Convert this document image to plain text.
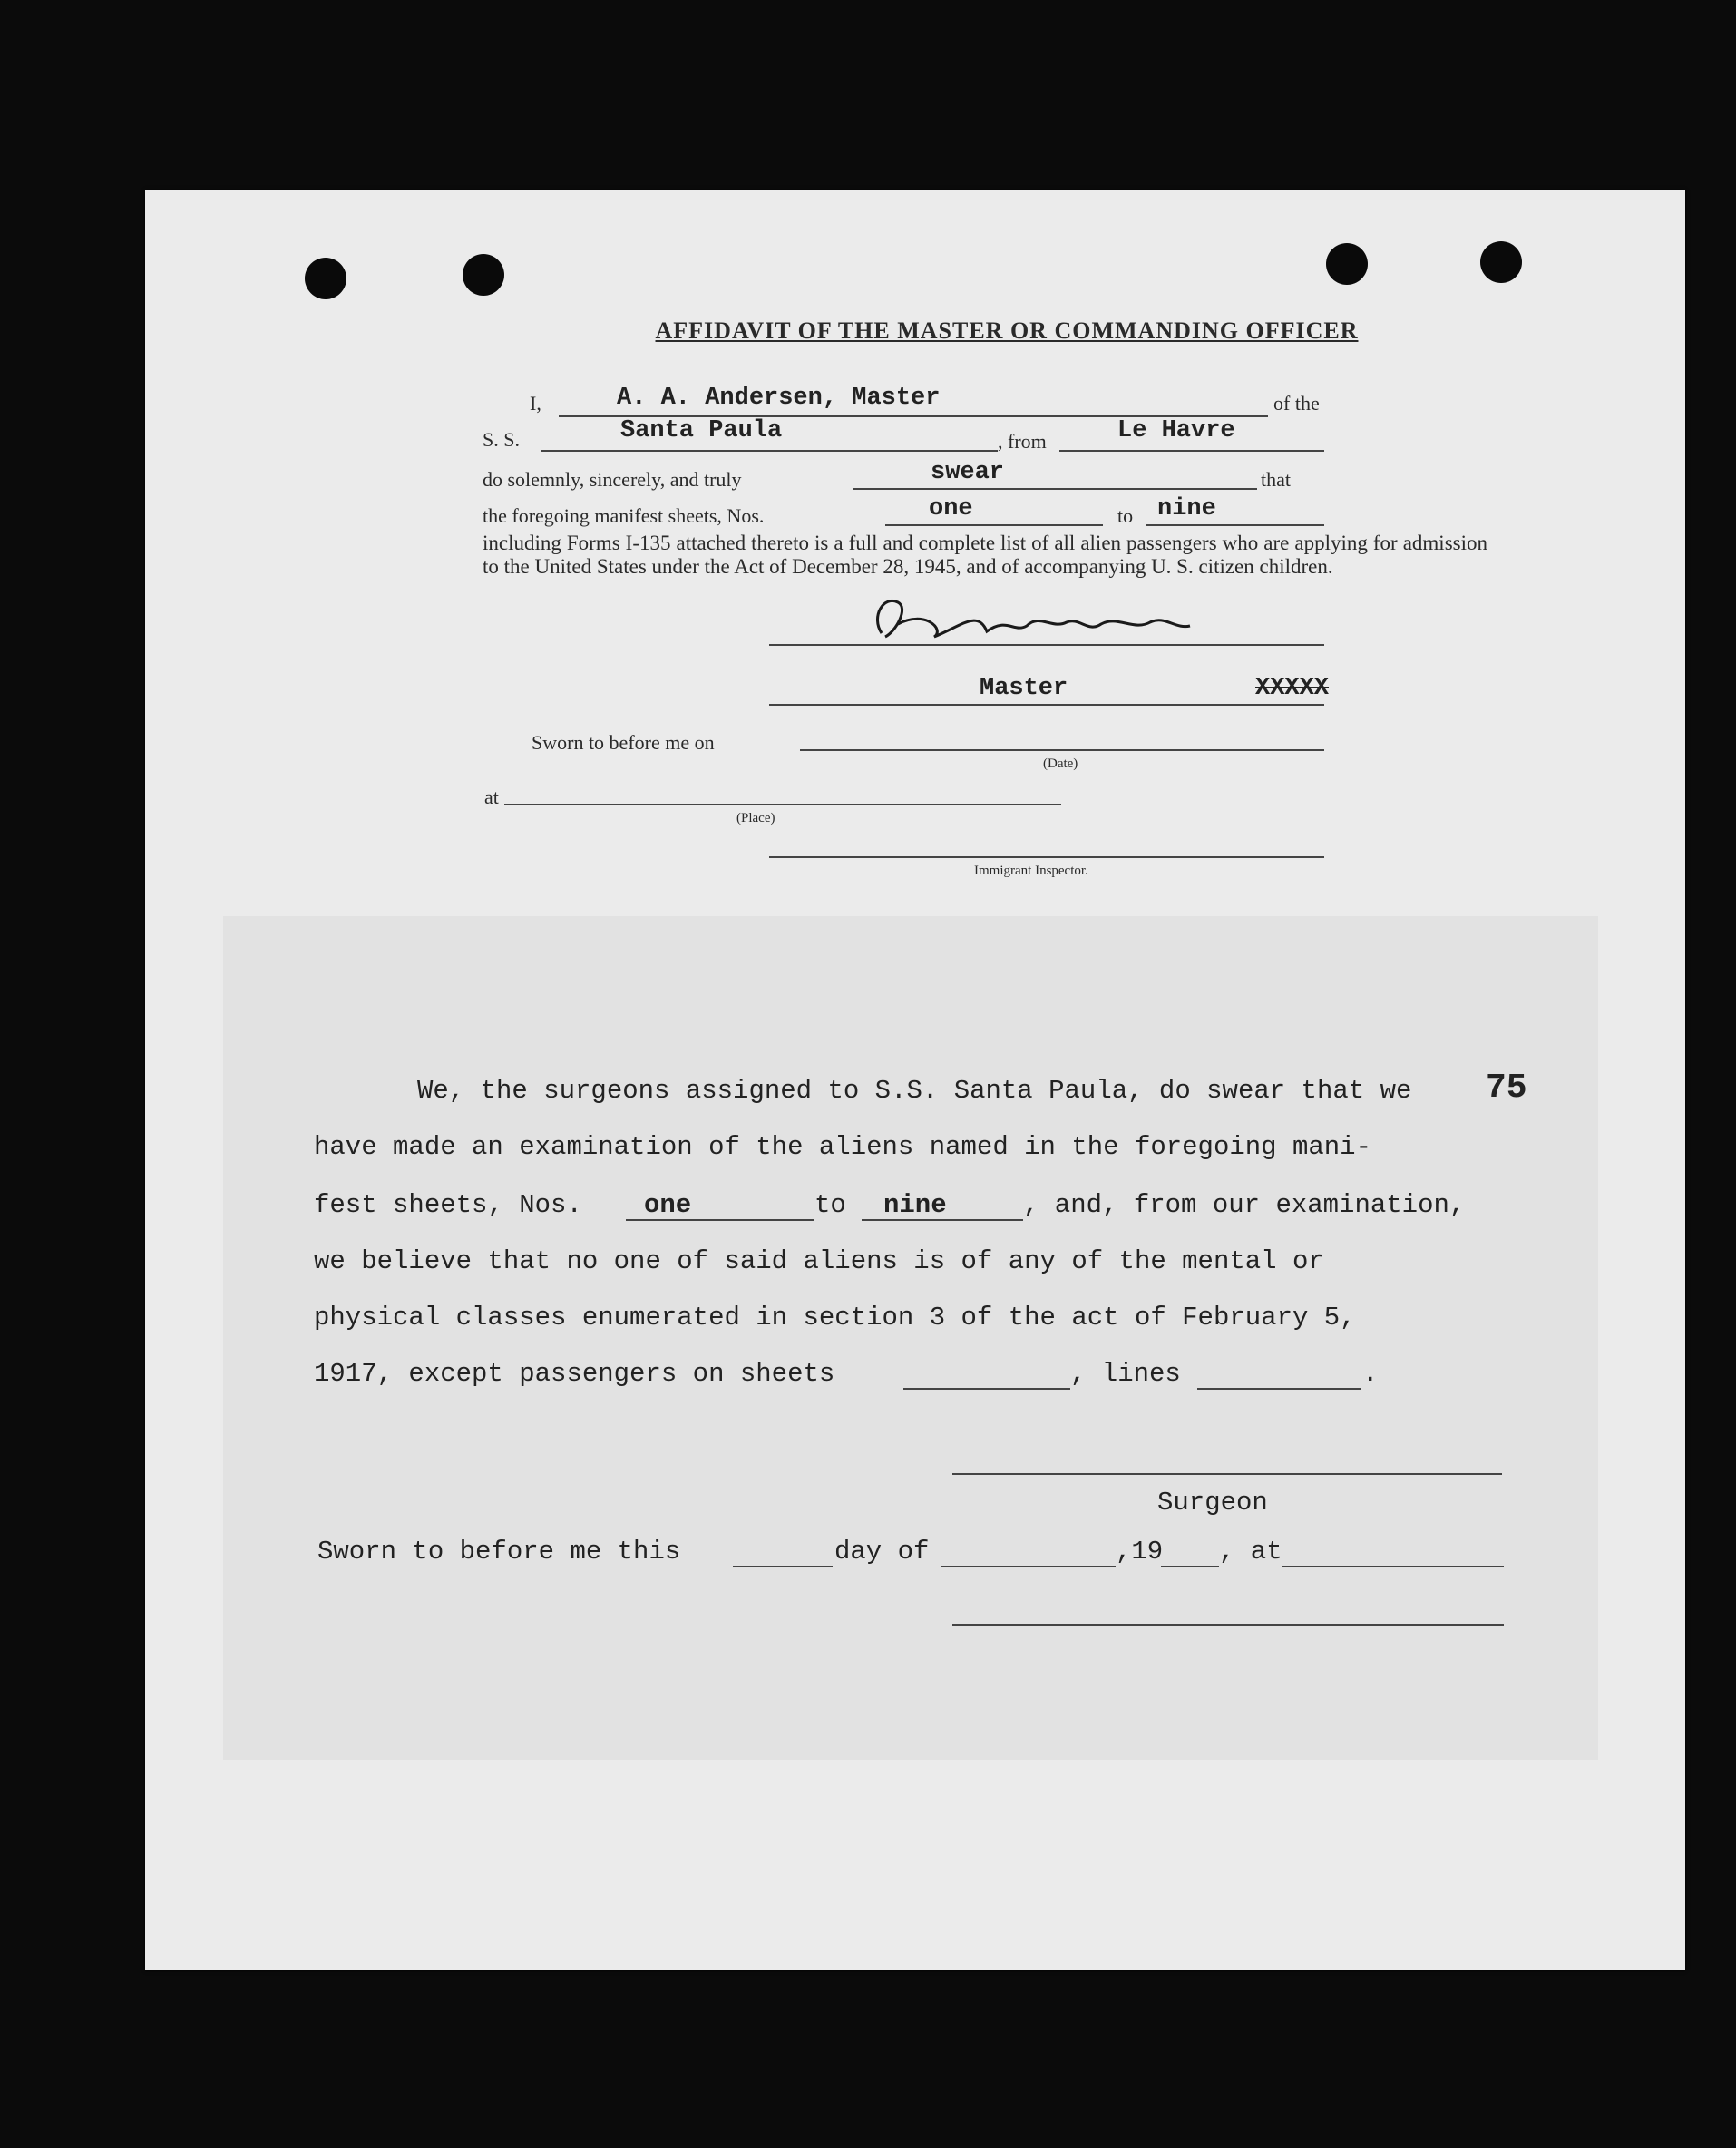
AFFIDAVIT OF THE MASTER OR COMMANDING OFFICER
I,	A. A. Andersen, Master	of the
S. S.	Santa Paula	, from	Le Havre
do solemnly, sincerely, and truly	swear	that
the foregoing manifest sheets, Nos.	one	to nine
including Forms I-135 attached thereto is a full and complete list of all alien passengers who are applying for admission to the United States under the Act of December 28, 1945, and of accompanying U. S. citizen children.
Master	XXXXX
Sworn to before me on
(Date)
at
(Place)
Immigrant Inspector.
We, the surgeons assigned to S.S. Santa Paula, do swear that we 75
have made an examination of the aliens named in the foregoing mani-
fest sheets, Nos. one	to nine	, and, from our examination,
we believe that no one of said aliens is of any of the mental or
physical classes enumerated in section 3 of the act of February 5,
1917, except passengers on sheets	, lines	.
Surgeon
Sworn to before me this	day of	,19 , at
